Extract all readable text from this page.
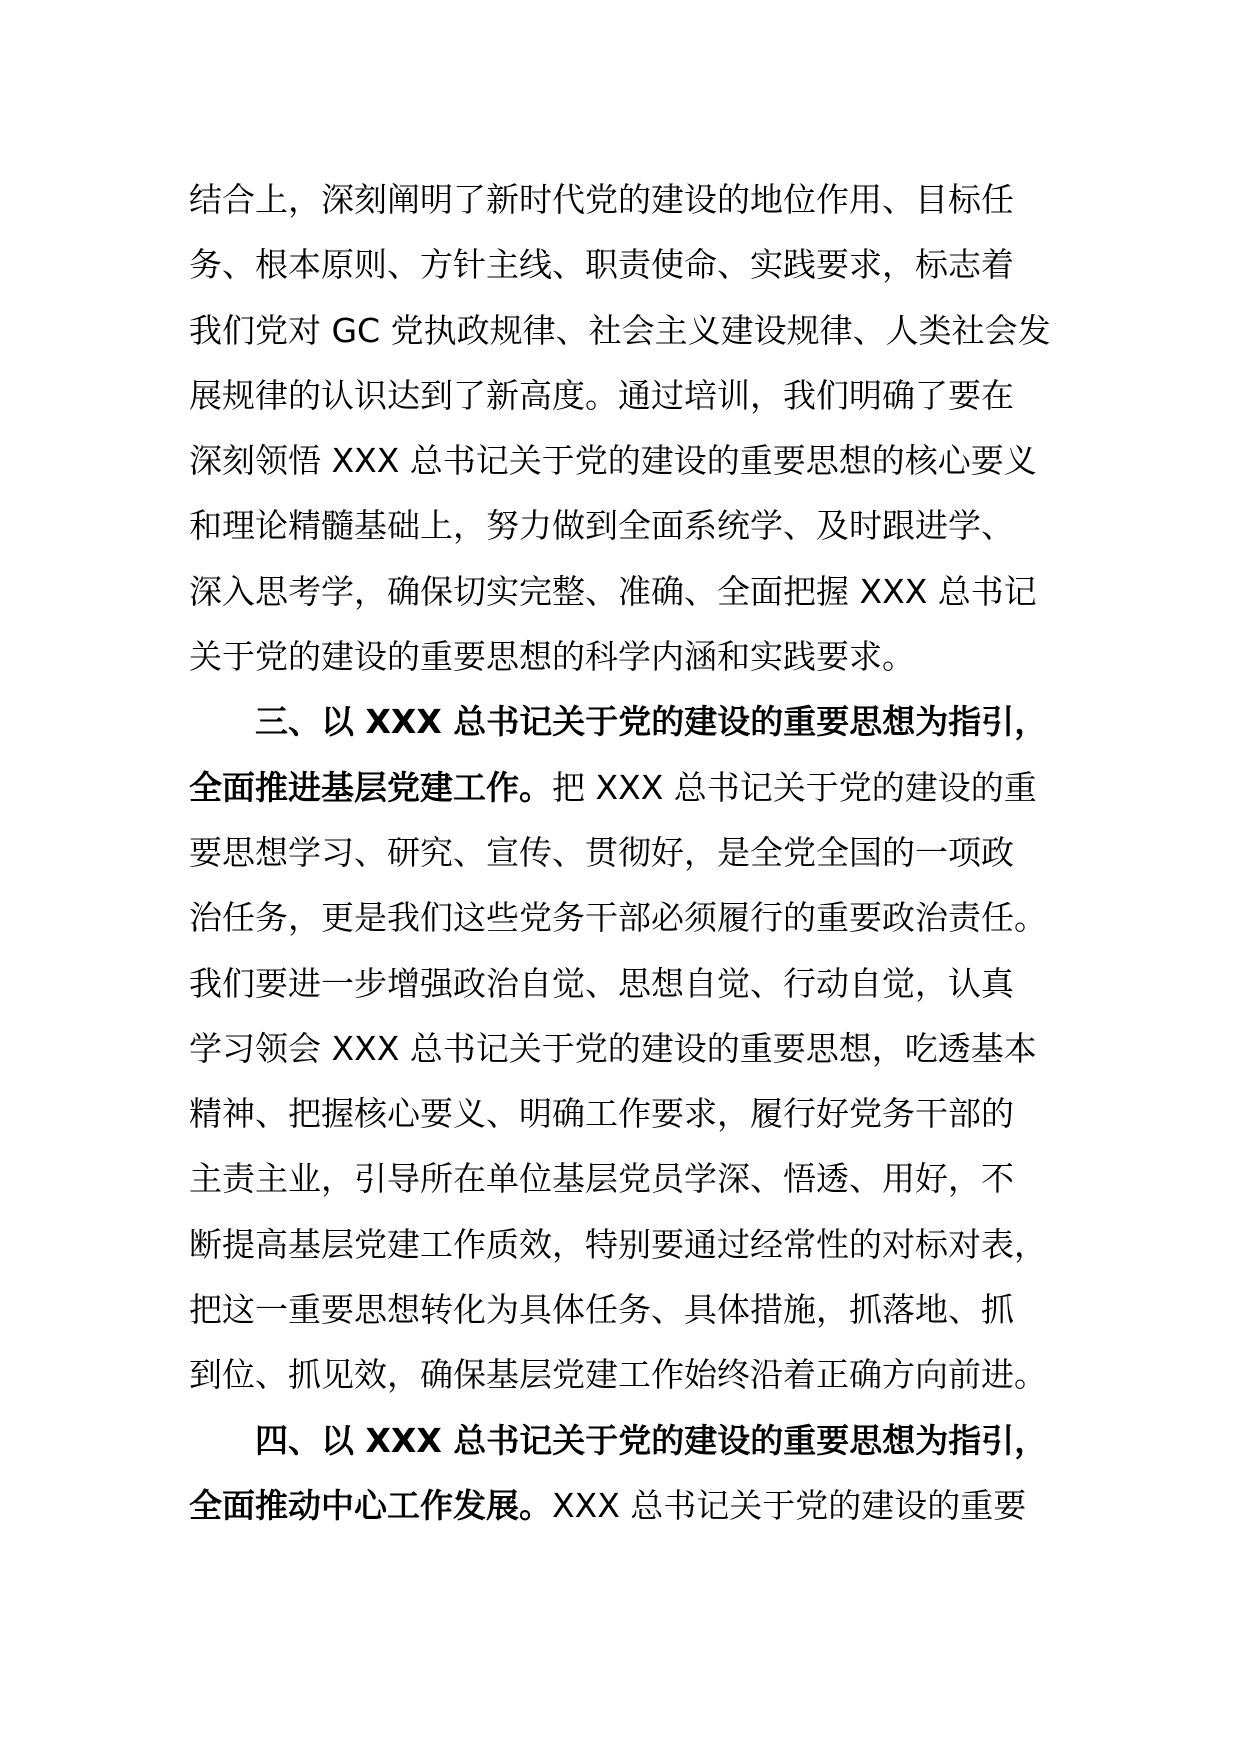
结合上，深刻阐明了新时代党的建设的地位作用、目标任
务、根本原则、方针主线、职责使命、实践要求，标志着
我们党对 GC 党执政规律、社会主义建设规律、人类社会发
展规律的认识达到了新高度。通过培训，我们明确了要在
深刻领悟 XXX 总书记关于党的建设的重要思想的核心要义
和理论精髓基础上，努力做到全面系统学、及时跟进学、
深入思考学，确保切实完整、准确、全面把握 XXX 总书记
关于党的建设的重要思想的科学内涵和实践要求。
三、以 XXX 总书记关于党的建设的重要思想为指引，
全面推进基层党建工作。把 XXX 总书记关于党的建设的重
要思想学习、研究、宣传、贯彻好，是全党全国的一项政
治任务，更是我们这些党务干部必须履行的重要政治责任。
我们要进一步增强政治自觉、思想自觉、行动自觉，认真
学习领会 XXX 总书记关于党的建设的重要思想，吃透基本
精神、把握核心要义、明确工作要求，履行好党务干部的
主责主业，引导所在单位基层党员学深、悟透、用好，不
断提高基层党建工作质效，特别要通过经常性的对标对表，
把这一重要思想转化为具体任务、具体措施，抓落地、抓
到位、抓见效，确保基层党建工作始终沿着正确方向前进。
四、以 XXX 总书记关于党的建设的重要思想为指引，
全面推动中心工作发展。XXX 总书记关于党的建设的重要
